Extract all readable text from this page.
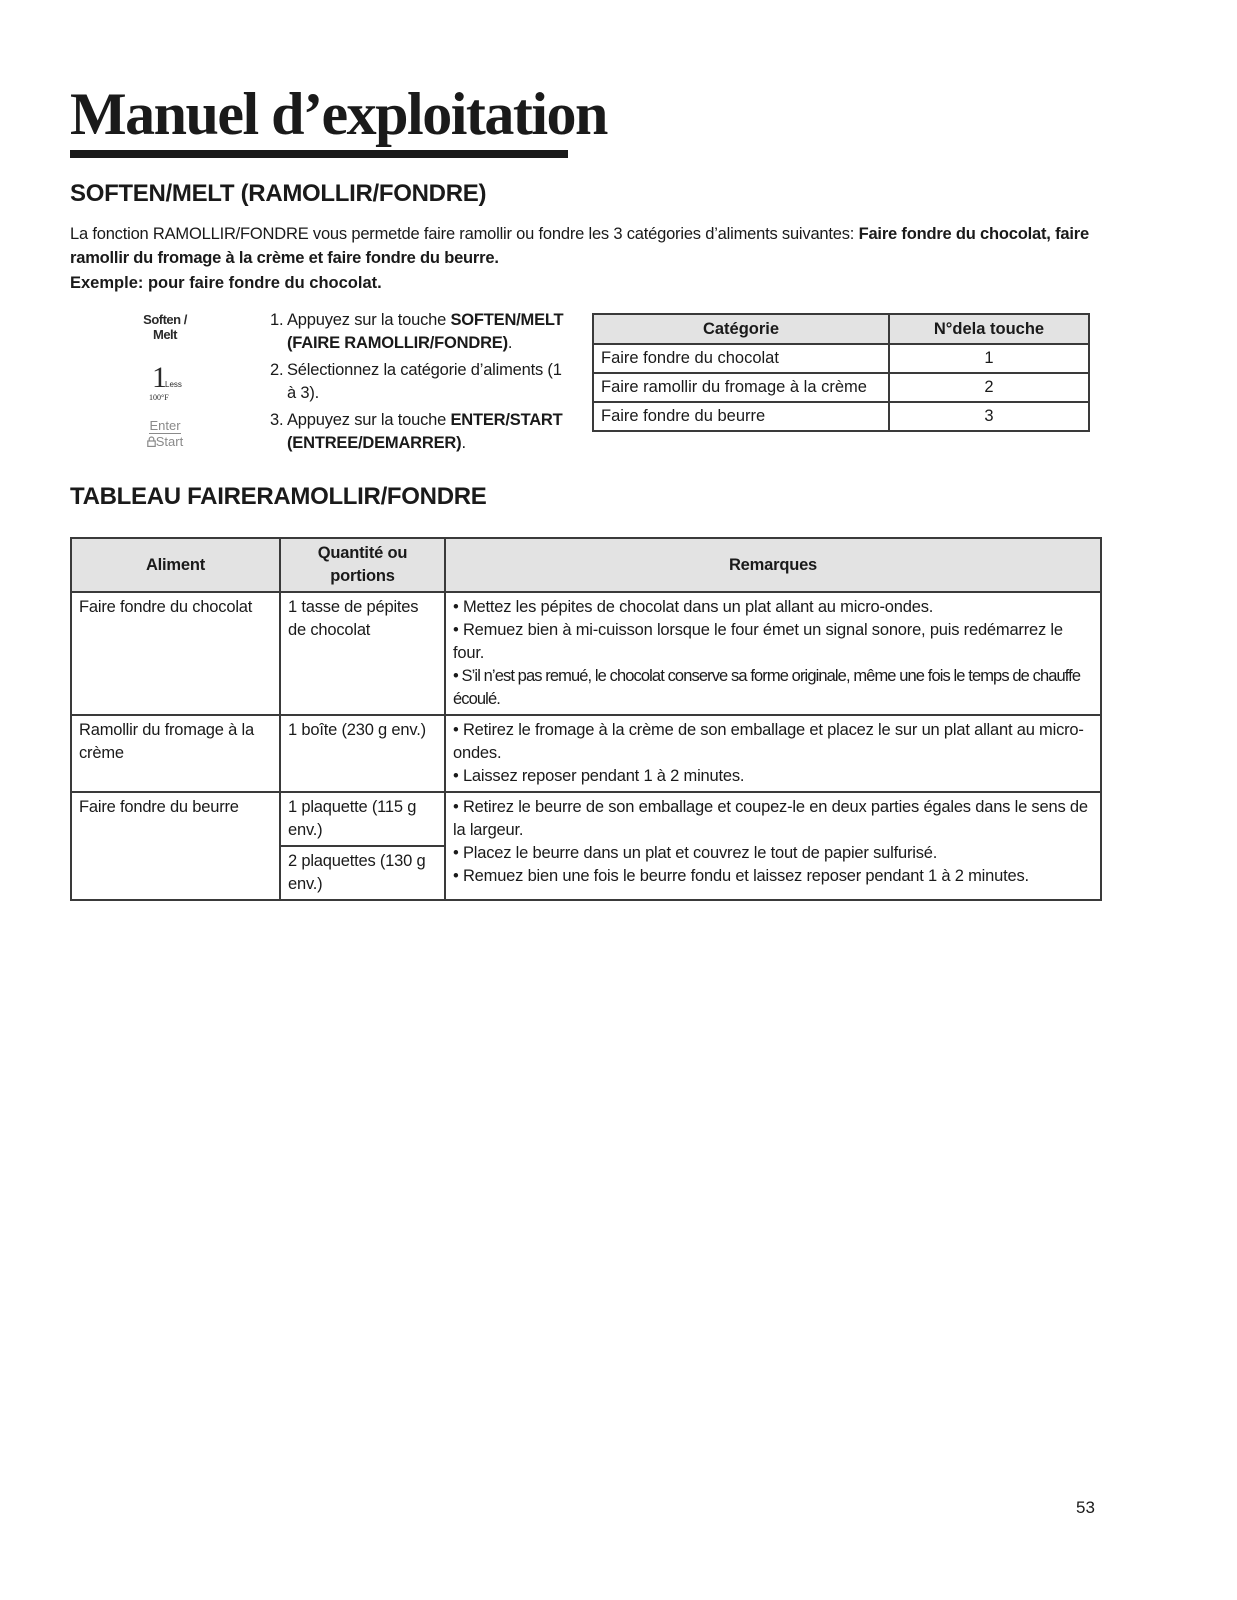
Manuel d’exploitation
SOFTEN/MELT (RAMOLLIR/FONDRE)

La fonction RAMOLLIR/FONDRE vous permetde faire ramollir ou fondre les 3 catégories d’aliments suivantes: Faire fondre du chocolat, faire ramollir du fromage à la crème et faire fondre du beurre.

Exemple: pour faire fondre du chocolat.

Soften /
Melt
1
Less
100°F
Enter
Start
1. Appuyez sur la touche SOFTEN/MELT (FAIRE RAMOLLIR/FONDRE).
2. Sélectionnez la catégorie d’aliments (1 à 3).
3. Appuyez sur la touche ENTER/START (ENTREE/DEMARRER).
Catégorie	N°dela touche
Faire fondre du chocolat	1
Faire ramollir du fromage à la crème	2
Faire fondre du beurre	3
TABLEAU FAIRERAMOLLIR/FONDRE
Aliment	Quantité ou portions	Remarques
Faire fondre du chocolat	1 tasse de pépites de chocolat	• Mettez les pépites de chocolat dans un plat allant au micro-ondes.
• Remuez bien à mi-cuisson lorsque le four émet un signal sonore, puis redémarrez le four.
• S’il n’est pas remué, le chocolat conserve sa forme originale, même une fois le temps de chauffe écoulé.

Ramollir du fromage à la crème	1 boîte (230 g env.)	• Retirez le fromage à la crème de son emballage et placez le sur un plat allant au micro-ondes.
• Laissez reposer pendant 1 à 2 minutes.

Faire fondre du beurre	1 plaquette (115 g env.)	• Retirez le beurre de son emballage et coupez-le en deux parties égales dans le sens de la largeur.
• Placez le beurre dans un plat et couvrez le tout de papier sulfurisé.
• Remuez bien une fois le beurre fondu et laissez reposer pendant 1 à 2 minutes.

	2 plaquettes (130 g env.)	

53
